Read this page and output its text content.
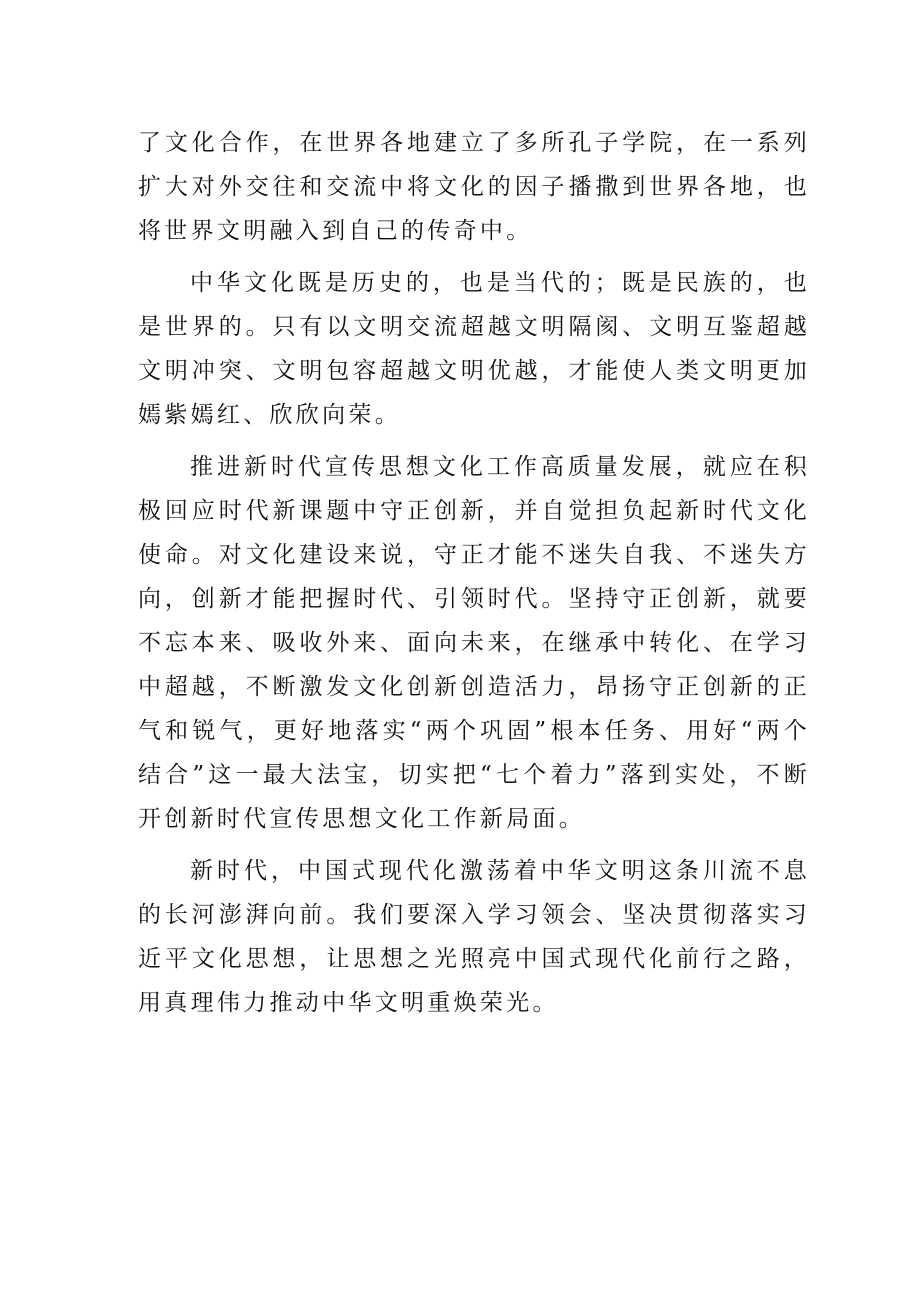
了文化合作，在世界各地建立了多所孔子学院，在一系列扩大对外交往和交流中将文化的因子播撒到世界各地，也将世界文明融入到自己的传奇中。

中华文化既是历史的，也是当代的；既是民族的，也是世界的。只有以文明交流超越文明隔阂、文明互鉴超越文明冲突、文明包容超越文明优越，才能使人类文明更加嫣紫嫣红、欣欣向荣。

推进新时代宣传思想文化工作高质量发展，就应在积极回应时代新课题中守正创新，并自觉担负起新时代文化使命。对文化建设来说，守正才能不迷失自我、不迷失方向，创新才能把握时代、引领时代。坚持守正创新，就要不忘本来、吸收外来、面向未来，在继承中转化、在学习中超越，不断激发文化创新创造活力，昂扬守正创新的正气和锐气，更好地落实“两个巩固”根本任务、用好“两个结合”这一最大法宝，切实把“七个着力”落到实处，不断开创新时代宣传思想文化工作新局面。

新时代，中国式现代化激荡着中华文明这条川流不息的长河澎湃向前。我们要深入学习领会、坚决贯彻落实习近平文化思想，让思想之光照亮中国式现代化前行之路，用真理伟力推动中华文明重焕荣光。
